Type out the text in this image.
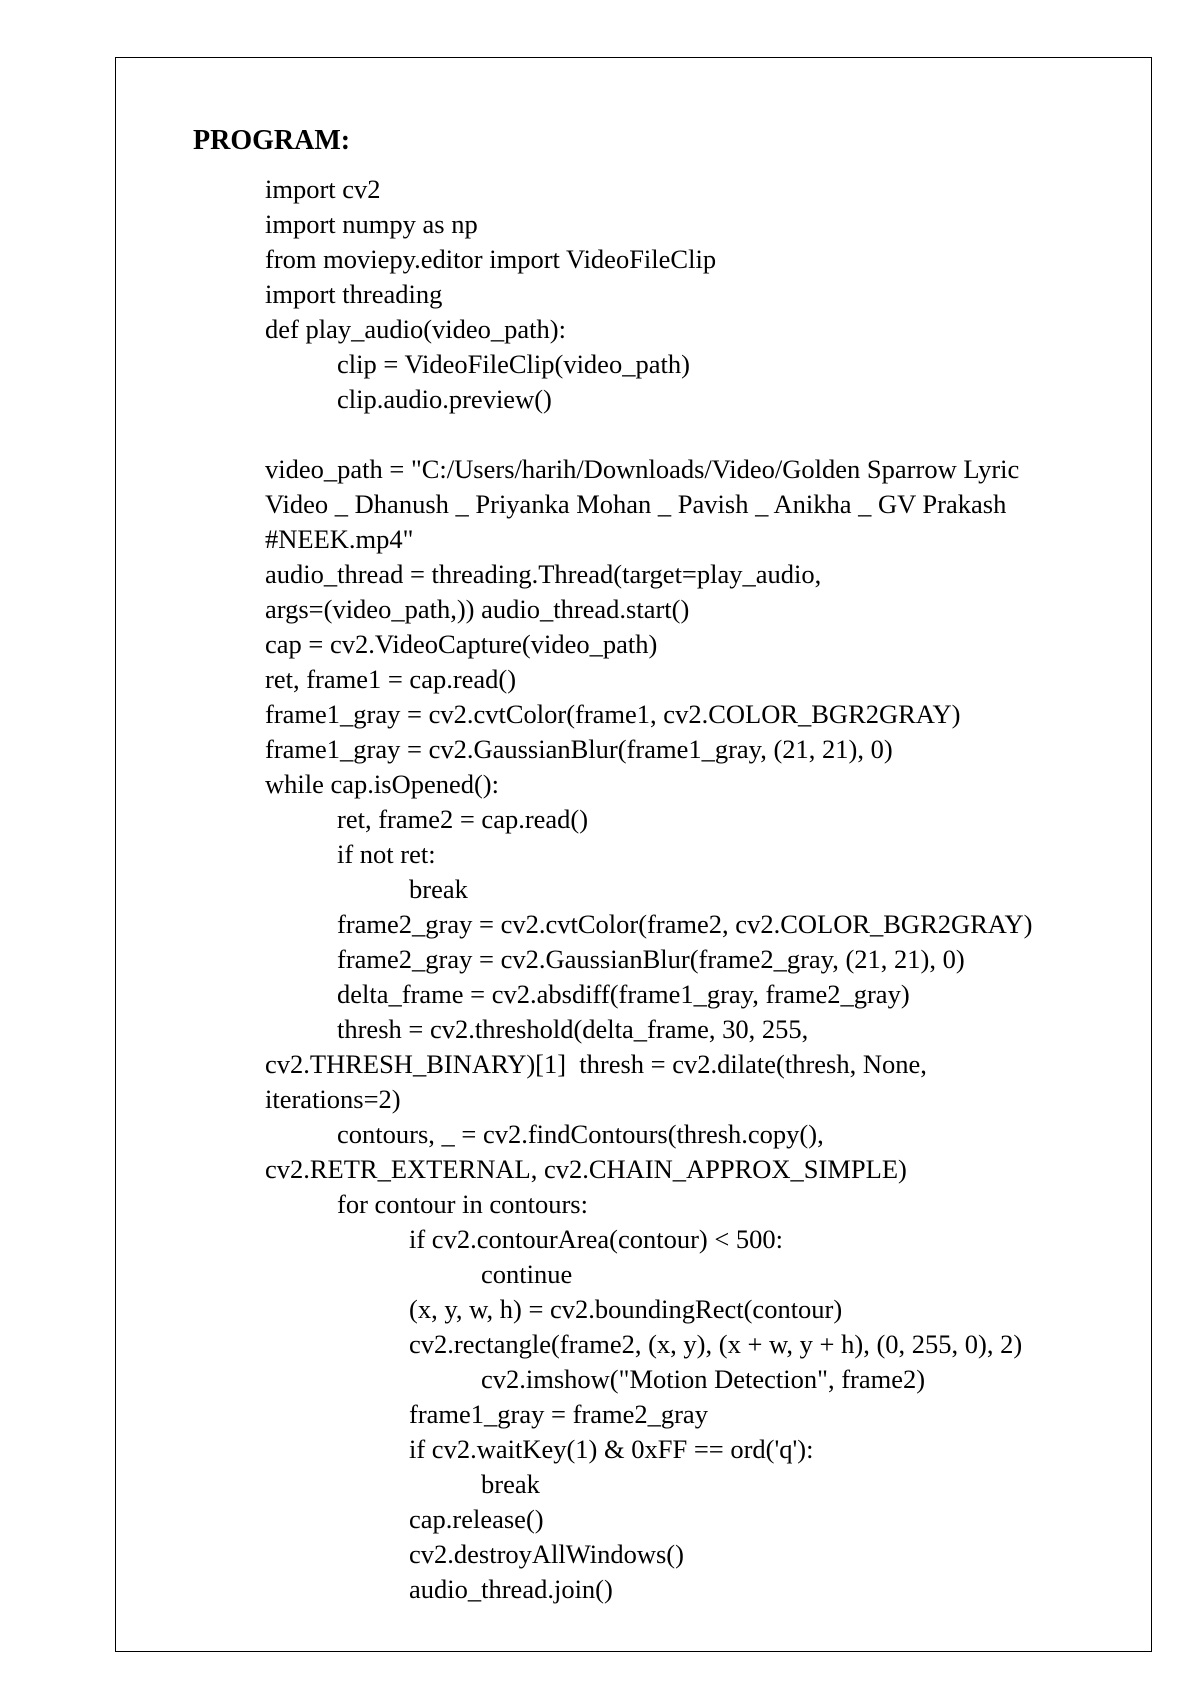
PROGRAM:
import cv2
import numpy as np
from moviepy.editor import VideoFileClip
import threading
def play_audio(video_path):
clip = VideoFileClip(video_path)
clip.audio.preview()
video_path = "C:/Users/harih/Downloads/Video/Golden Sparrow Lyric
Video _ Dhanush _ Priyanka Mohan _ Pavish _ Anikha _ GV Prakash
#NEEK.mp4"
audio_thread = threading.Thread(target=play_audio,
args=(video_path,)) audio_thread.start()
cap = cv2.VideoCapture(video_path)
ret, frame1 = cap.read()
frame1_gray = cv2.cvtColor(frame1, cv2.COLOR_BGR2GRAY)
frame1_gray = cv2.GaussianBlur(frame1_gray, (21, 21), 0)
while cap.isOpened():
ret, frame2 = cap.read()
if not ret:
break
frame2_gray = cv2.cvtColor(frame2, cv2.COLOR_BGR2GRAY)
frame2_gray = cv2.GaussianBlur(frame2_gray, (21, 21), 0)
delta_frame = cv2.absdiff(frame1_gray, frame2_gray)
thresh = cv2.threshold(delta_frame, 30, 255,
cv2.THRESH_BINARY)[1]  thresh = cv2.dilate(thresh, None,
iterations=2)
contours, _ = cv2.findContours(thresh.copy(),
cv2.RETR_EXTERNAL, cv2.CHAIN_APPROX_SIMPLE)
for contour in contours:
if cv2.contourArea(contour) < 500:
continue
(x, y, w, h) = cv2.boundingRect(contour)
cv2.rectangle(frame2, (x, y), (x + w, y + h), (0, 255, 0), 2)
cv2.imshow("Motion Detection", frame2)
frame1_gray = frame2_gray
if cv2.waitKey(1) & 0xFF == ord('q'):
break
cap.release()
cv2.destroyAllWindows()
audio_thread.join()
